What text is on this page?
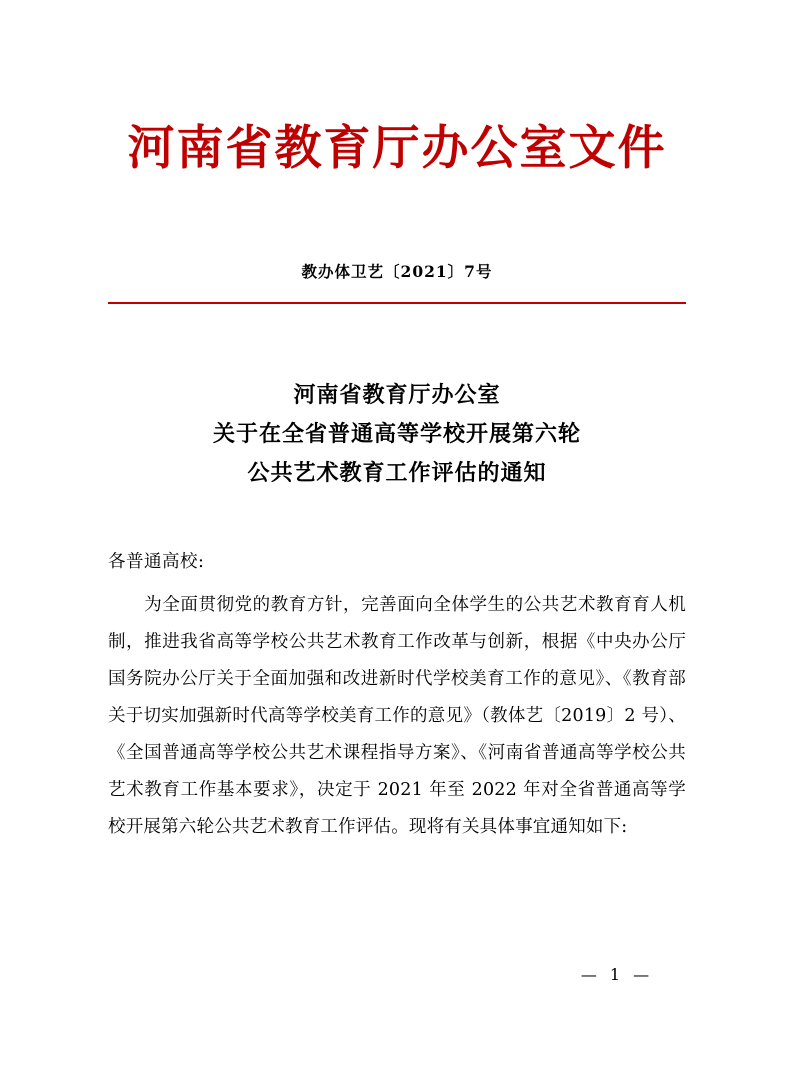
河南省教育厅办公室文件
教办体卫艺〔2021〕7号
河南省教育厅办公室
关于在全省普通高等学校开展第六轮
公共艺术教育工作评估的通知
各普通高校:
为全面贯彻党的教育方针，完善面向全体学生的公共艺术教育育人机制，推进我省高等学校公共艺术教育工作改革与创新，根据《中央办公厅国务院办公厅关于全面加强和改进新时代学校美育工作的意见》、《教育部关于切实加强新时代高等学校美育工作的意见》（教体艺〔2019〕2 号）、《全国普通高等学校公共艺术课程指导方案》、《河南省普通高等学校公共艺术教育工作基本要求》，决定于 2021 年至 2022 年对全省普通高等学校开展第六轮公共艺术教育工作评估。现将有关具体事宜通知如下:
— 1 —
